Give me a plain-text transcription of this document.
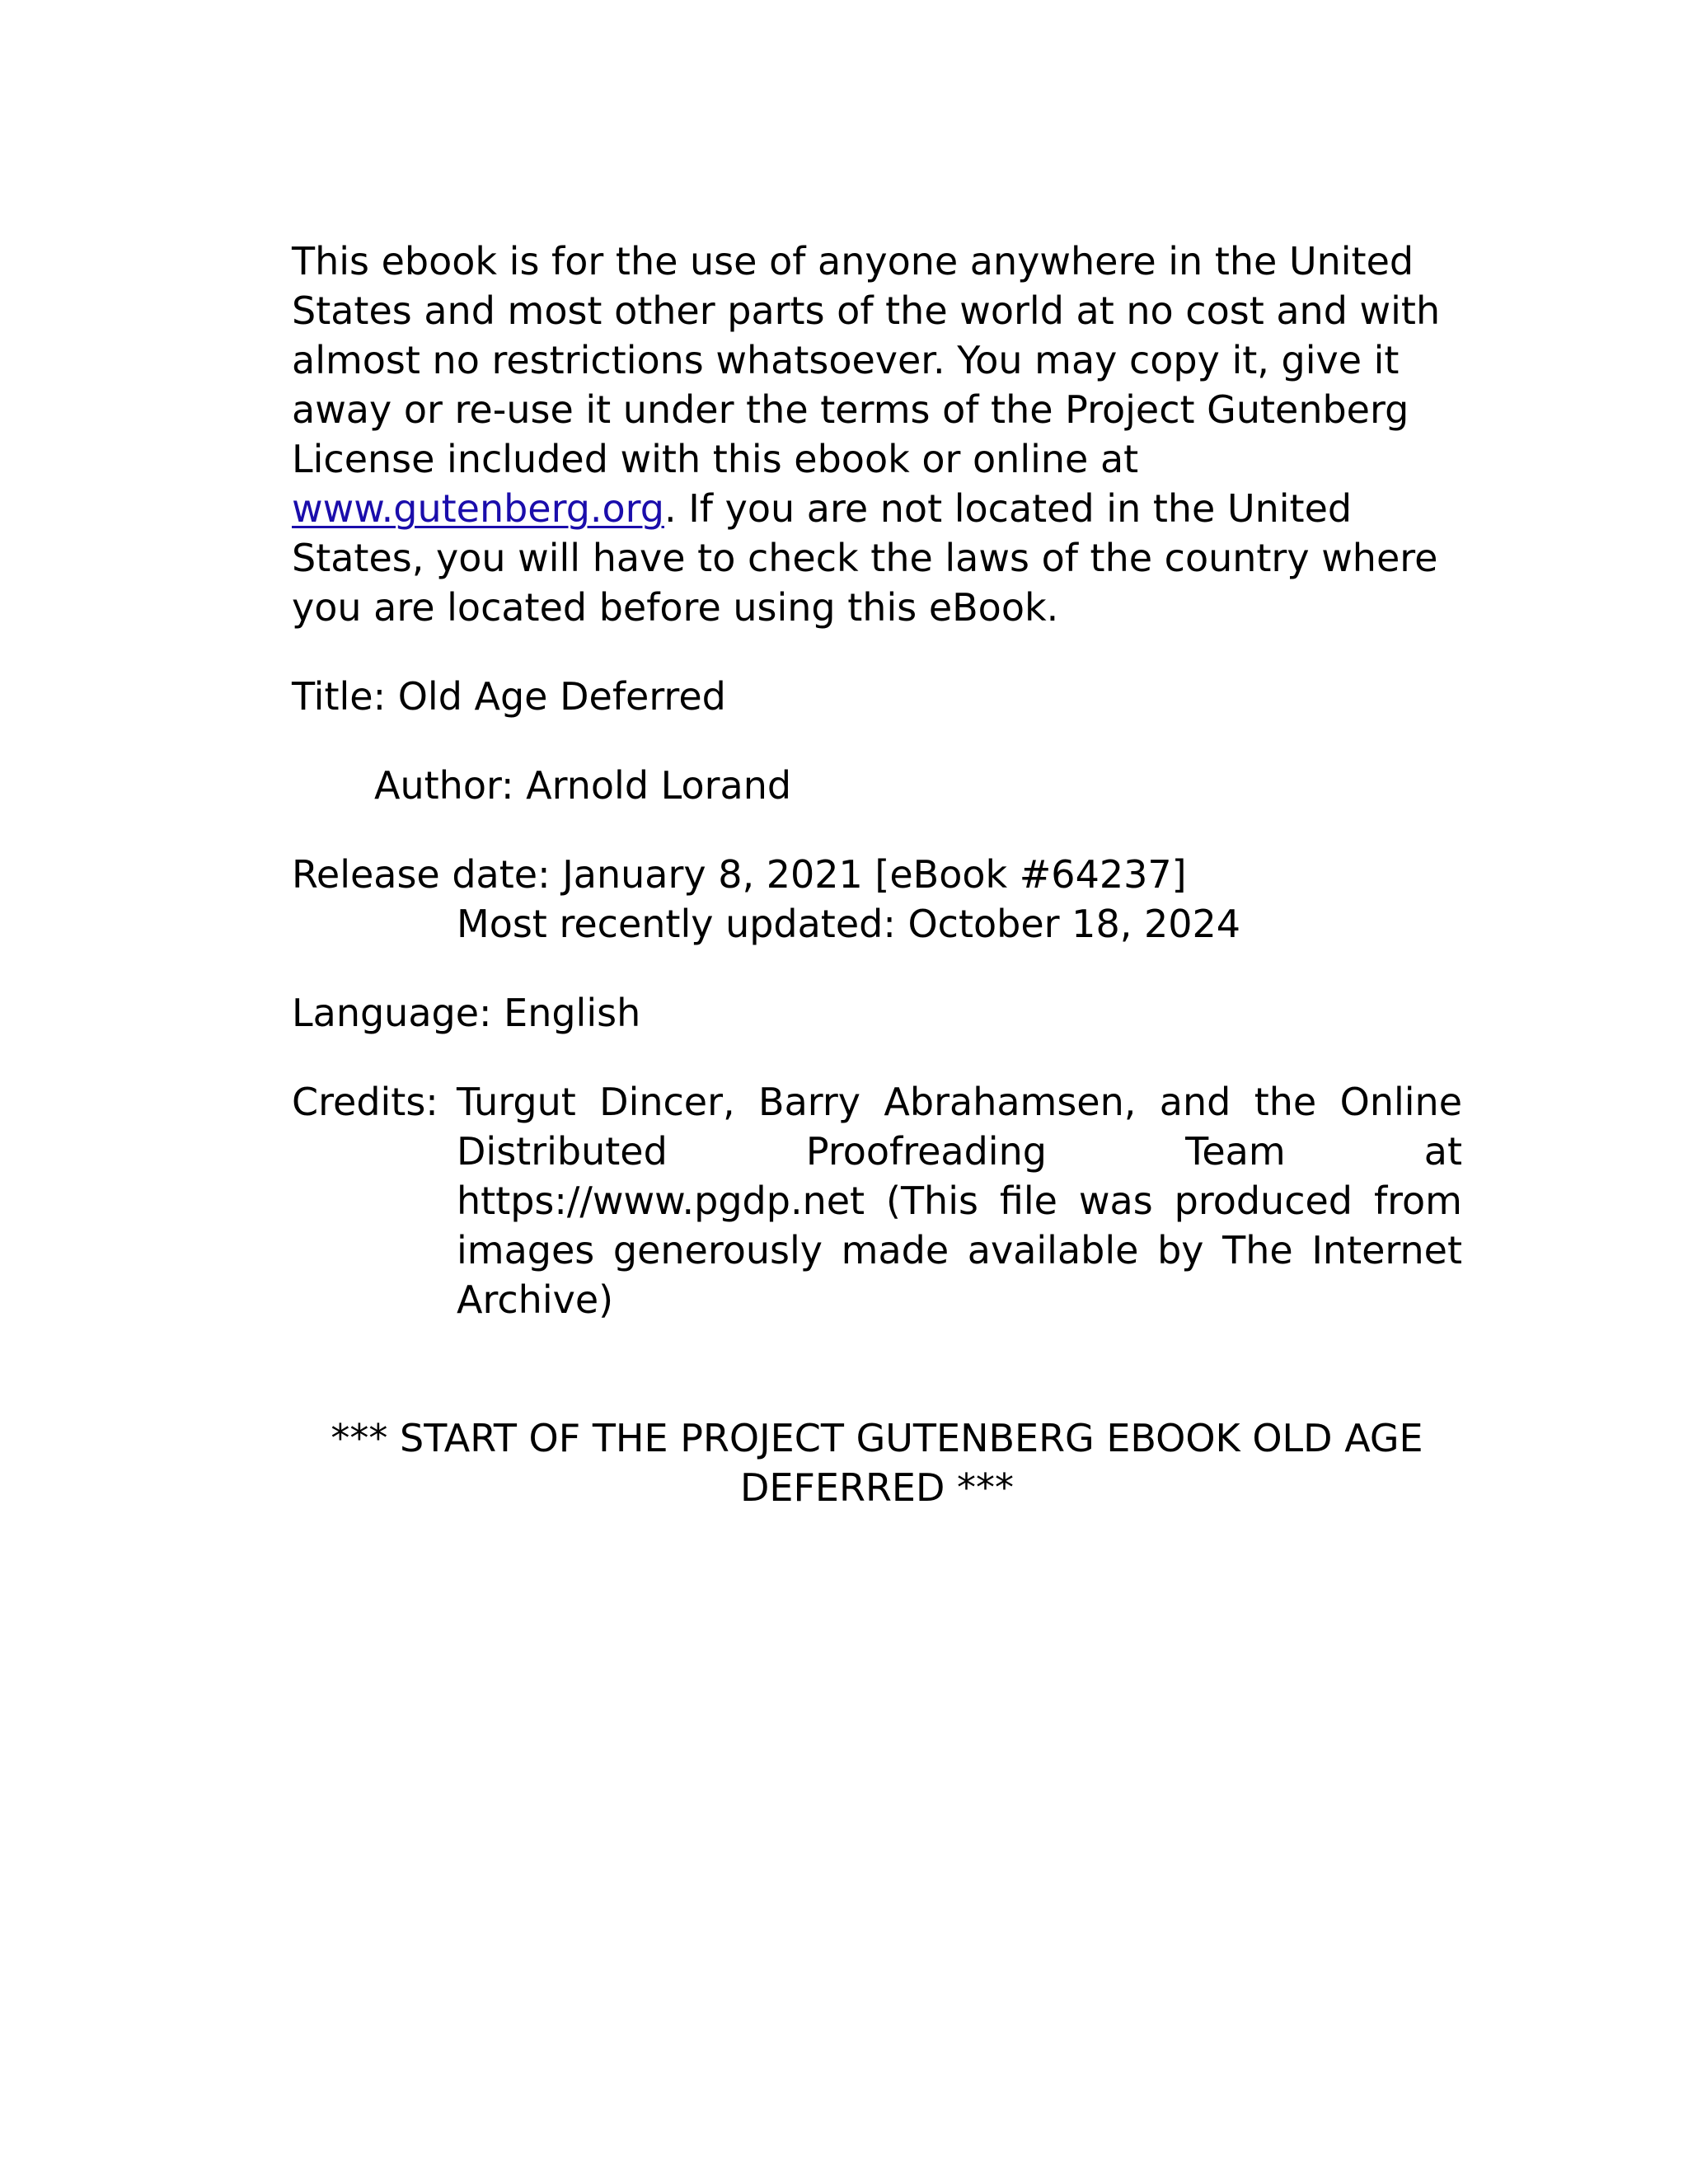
This ebook is for the use of anyone anywhere in the United States and most other parts of the world at no cost and with almost no restrictions whatsoever. You may copy it, give it away or re-use it under the terms of the Project Gutenberg License included with this ebook or online at www.gutenberg.org. If you are not located in the United States, you will have to check the laws of the country where you are located before using this eBook.

Title: Old Age Deferred
Author: Arnold Lorand
Release date: January 8, 2021 [eBook #64237]
Most recently updated: October 18, 2024
Language: English
Credits: Turgut Dincer, Barry Abrahamsen, and the Online Distributed Proofreading Team at https://www.pgdp.net (This file was produced from images generously made available by The Internet Archive)
*** START OF THE PROJECT GUTENBERG EBOOK OLD AGE
DEFERRED ***
